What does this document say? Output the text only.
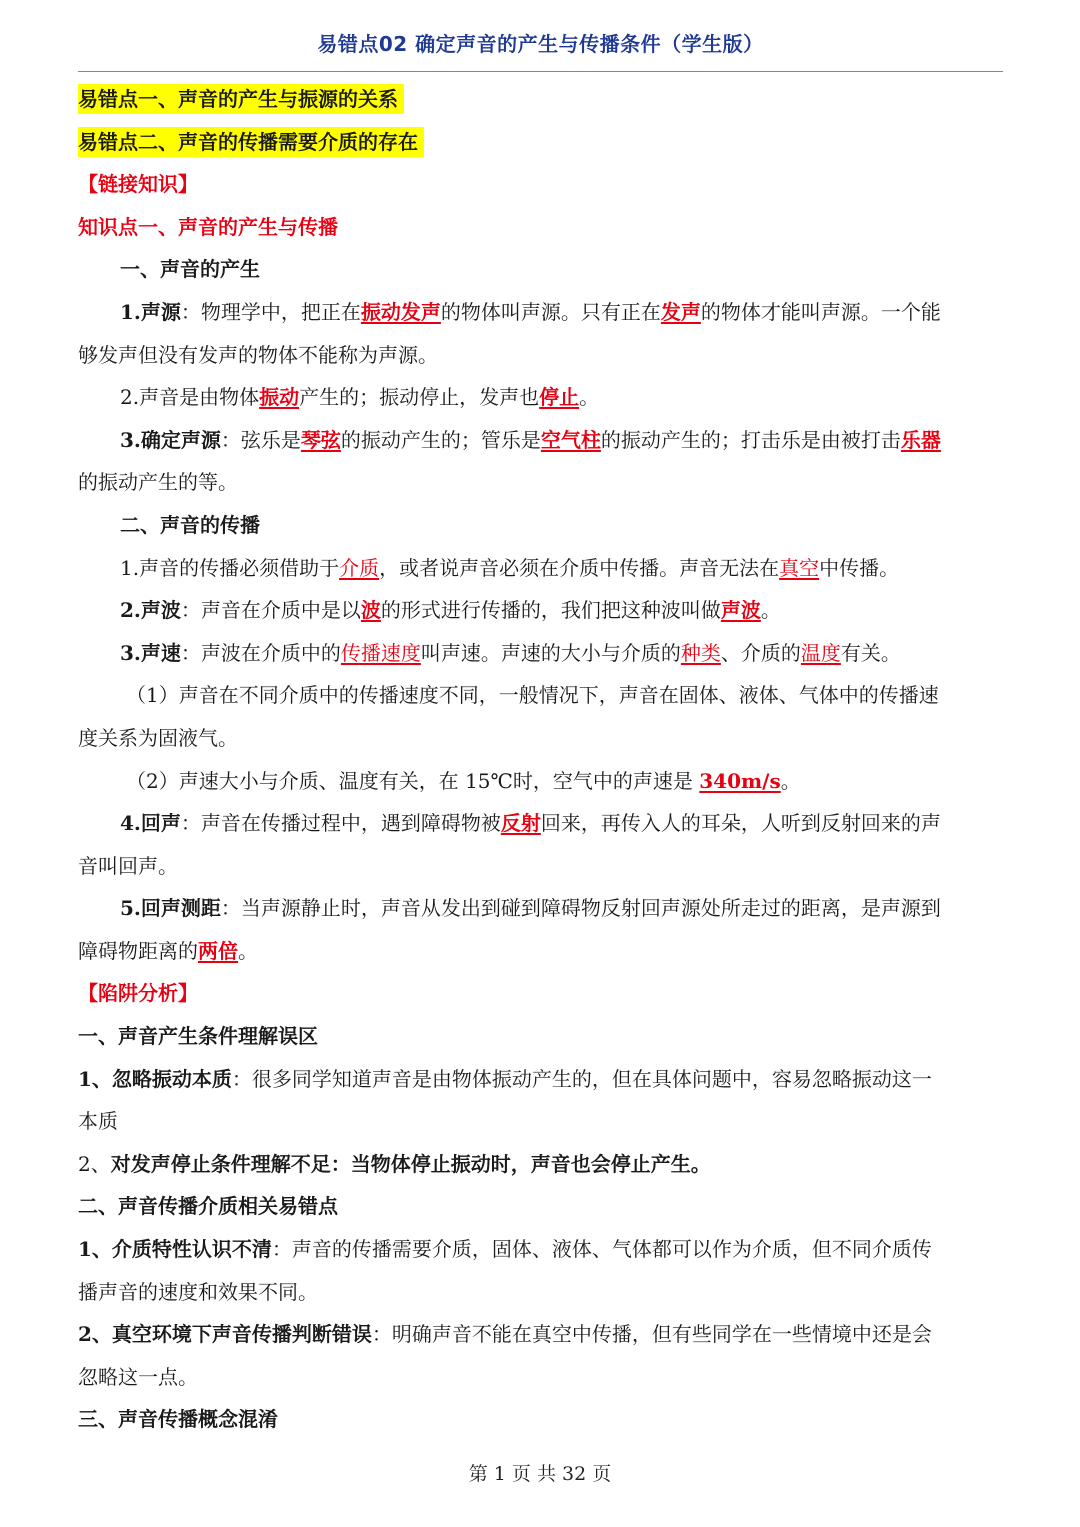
易错点02 确定声音的产生与传播条件（学生版）
易错点一、声音的产生与振源的关系
易错点二、声音的传播需要介质的存在
【链接知识】
知识点一、声音的产生与传播
一、声音的产生
1.声源：物理学中，把正在振动发声的物体叫声源。只有正在发声的物体才能叫声源。一个能
够发声但没有发声的物体不能称为声源。
2.声音是由物体振动产生的；振动停止，发声也停止。
3.确定声源：弦乐是琴弦的振动产生的；管乐是空气柱的振动产生的；打击乐是由被打击乐器
的振动产生的等。
二、声音的传播
1.声音的传播必须借助于介质，或者说声音必须在介质中传播。声音无法在真空中传播。
2.声波：声音在介质中是以波的形式进行传播的，我们把这种波叫做声波。
3.声速：声波在介质中的传播速度叫声速。声速的大小与介质的种类、介质的温度有关。
（1）声音在不同介质中的传播速度不同，一般情况下，声音在固体、液体、气体中的传播速
度关系为固液气。
（2）声速大小与介质、温度有关，在 15℃时，空气中的声速是 340m/s。
4.回声：声音在传播过程中，遇到障碍物被反射回来，再传入人的耳朵，人听到反射回来的声
音叫回声。
5.回声测距：当声源静止时，声音从发出到碰到障碍物反射回声源处所走过的距离，是声源到
障碍物距离的两倍。
【陷阱分析】
一、声音产生条件理解误区
1、忽略振动本质：很多同学知道声音是由物体振动产生的，但在具体问题中，容易忽略振动这一
本质
2、对发声停止条件理解不足：当物体停止振动时，声音也会停止产生。
二、声音传播介质相关易错点
1、介质特性认识不清：声音的传播需要介质，固体、液体、气体都可以作为介质，但不同介质传
播声音的速度和效果不同。
2、真空环境下声音传播判断错误：明确声音不能在真空中传播，但有些同学在一些情境中还是会
忽略这一点。
三、声音传播概念混淆
第 1 页 共 32 页
